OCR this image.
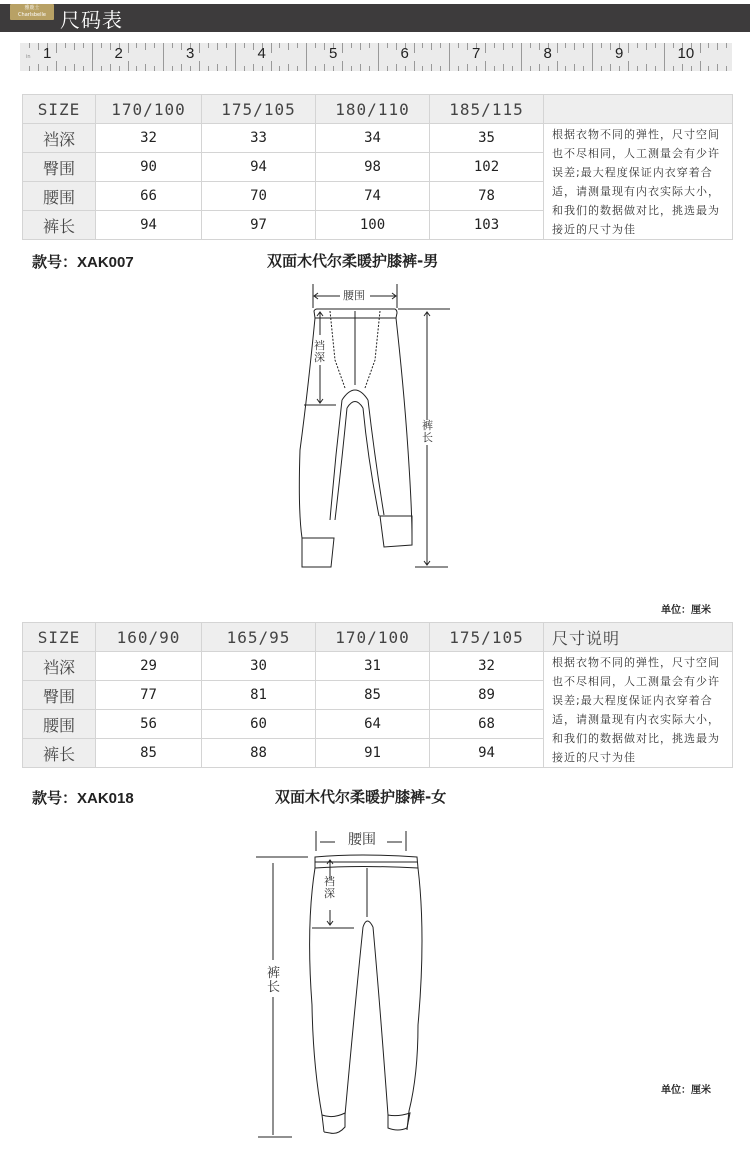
雅鹿士
Charlsbelle 尺码表
in 1	2	3	4	5	6	7	8	9	10
SIZE	170/100	175/105	180/110	185/115	
裆深	32	33	34	35	根据衣物不同的弹性，尺寸空间也不尽相同，人工测量会有少许误差;最大程度保证内衣穿着合适，请测量现有内衣实际大小，和我们的数据做对比，挑选最为接近的尺寸为佳
臀围	90	94	98	102	
腰围	66	70	74	78	
裤长	94	97	100	103	
款号：XAK007	双面木代尔柔暖护膝裤-男
腰围
裆深
裤长
单位：厘米
SIZE	160/90	165/95	170/100	175/105	尺寸说明
裆深	29	30	31	32	根据衣物不同的弹性，尺寸空间也不尽相同，人工测量会有少许误差;最大程度保证内衣穿着合适，请测量现有内衣实际大小，和我们的数据做对比，挑选最为接近的尺寸为佳
臀围	77	81	85	89	
腰围	56	60	64	68	
裤长	85	88	91	94	
款号：XAK018	双面木代尔柔暖护膝裤-女
腰围
裆深
裤长
单位：厘米
